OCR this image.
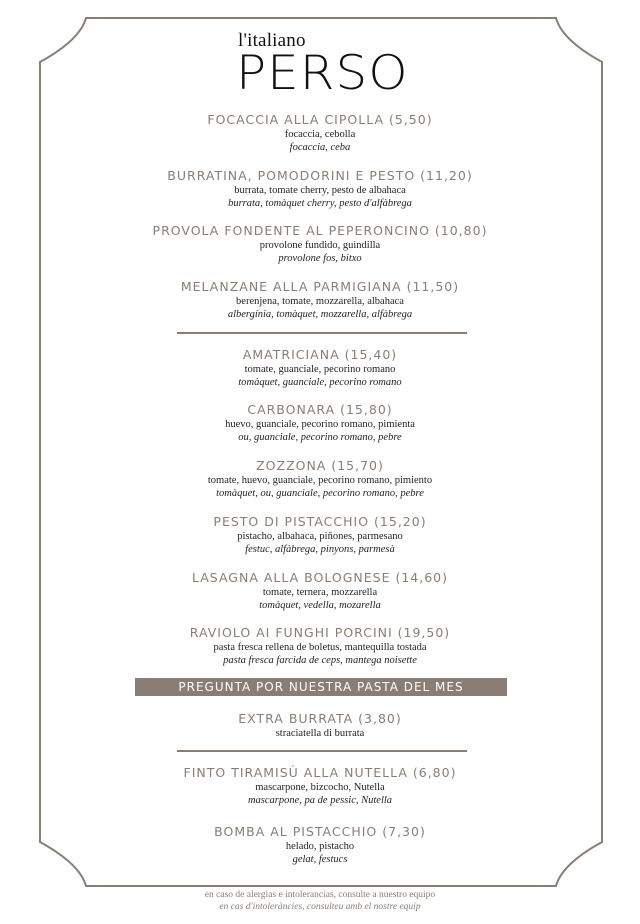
l'italiano
PERSO
FOCACCIA ALLA CIPOLLA (5,50)
focaccia, cebolla
focaccia, ceba
BURRATINA, POMODORINI E PESTO (11,20)
burrata, tomate cherry, pesto de albahaca
burrata, tomàquet cherry, pesto d'alfàbrega
PROVOLA FONDENTE AL PEPERONCINO (10,80)
provolone fundido, guindilla
provolone fos, bitxo
MELANZANE ALLA PARMIGIANA (11,50)
berenjena, tomate, mozzarella, albahaca
albergínia, tomàquet, mozzarella, alfàbrega
AMATRICIANA (15,40)
tomate, guanciale, pecorino romano
tomàquet, guanciale, pecorino romano
CARBONARA (15,80)
huevo, guanciale, pecorino romano, pimienta
ou, guanciale, pecorino romano, pebre
ZOZZONA (15,70)
tomate, huevo, guanciale, pecorino romano, pimiento
tomàquet, ou, guanciale, pecorino romano, pebre
PESTO DI PISTACCHIO (15,20)
pistacho, albahaca, piñones, parmesano
festuc, alfàbrega, pinyons, parmesà
LASAGNA ALLA BOLOGNESE (14,60)
tomate, ternera, mozzarella
tomàquet, vedella, mozarella
RAVIOLO AI FUNGHI PORCINI (19,50)
pasta fresca rellena de boletus, mantequilla tostada
pasta fresca farcida de ceps, mantega noisette
PREGUNTA POR NUESTRA PASTA DEL MES
EXTRA BURRATA (3,80)
straciatella di burrata
FINTO TIRAMISÙ ALLA NUTELLA (6,80)
mascarpone, bizcocho, Nutella
mascarpone, pa de pessic, Nutella
BOMBA AL PISTACCHIO (7,30)
helado, pistacho
gelat, festucs
en caso de alergias e intolerancias, consulte a nuestro equipo
en cas d'intoleràncies, consulteu amb el nostre equip
